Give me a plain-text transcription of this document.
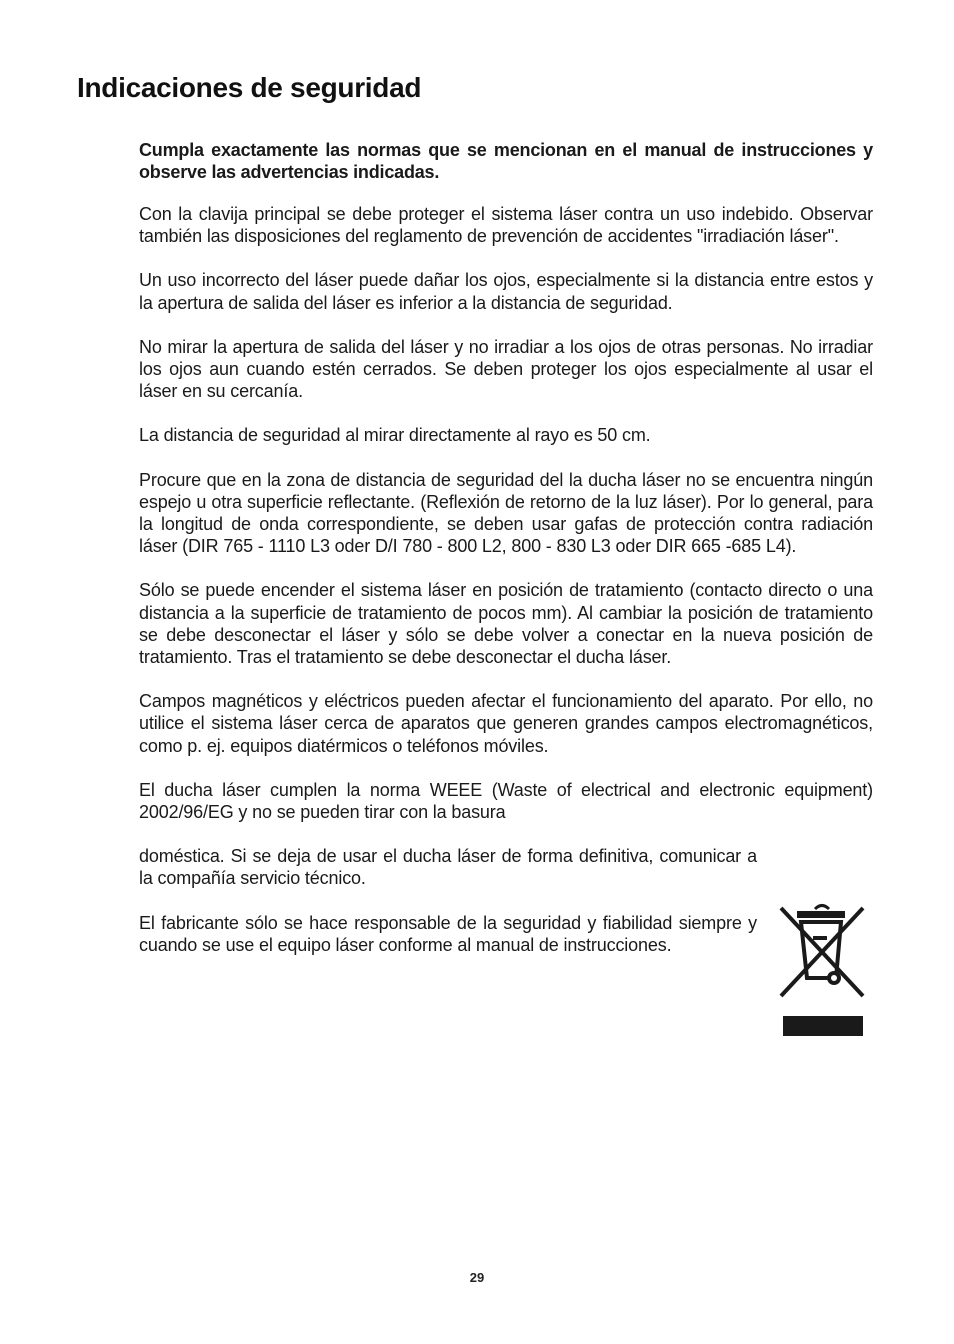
Indicaciones de seguridad

Cumpla exactamente las normas que se mencionan en el manual de instrucciones y observe las advertencias indicadas.

Con la clavija principal se debe proteger el sistema láser contra un uso indebido. Observar también las disposiciones del reglamento de prevención de accidentes "irradiación láser".

Un uso incorrecto del láser puede dañar los ojos, especialmente si la distancia entre estos y la apertura de salida del láser es inferior a la distancia de seguridad.

No mirar la apertura de salida del láser y no irradiar a los ojos de otras personas. No irradiar los ojos aun cuando estén cerrados. Se deben proteger los ojos especialmente al usar el láser en su cercanía.

La distancia de seguridad al mirar directamente al rayo es 50 cm.

Procure que en la zona de distancia de seguridad del la ducha láser no se encuentra ningún espejo u otra superficie reflectante. (Reflexión de retorno de la luz láser). Por lo general, para la longitud de onda correspondiente, se deben usar gafas de protección contra radiación láser (DIR 765 - 1110 L3 oder D/I 780 - 800 L2, 800 - 830 L3 oder DIR 665 -685 L4).

Sólo se puede encender el sistema láser en posición de tratamiento (contacto directo o una distancia a la superficie de tratamiento de pocos mm). Al cambiar la posición de tratamiento se debe desconectar el láser y sólo se debe volver a conectar en la nueva posición de tratamiento. Tras el tratamiento se debe desconectar el ducha láser.

Campos magnéticos y eléctricos pueden afectar el funcionamiento del aparato. Por ello, no utilice el sistema láser cerca de aparatos que generen grandes campos electromagnéticos, como p. ej. equipos diatérmicos o teléfonos móviles.

El ducha láser cumplen la norma WEEE (Waste of electrical and electronic equipment) 2002/96/EG y no se pueden tirar con la basura

doméstica. Si se deja de usar el ducha láser de forma definitiva, comunicar a la compañía servicio técnico.

El fabricante sólo se hace responsable de la seguridad y fiabilidad siempre y cuando se use el equipo láser conforme al manual de instrucciones.

29
